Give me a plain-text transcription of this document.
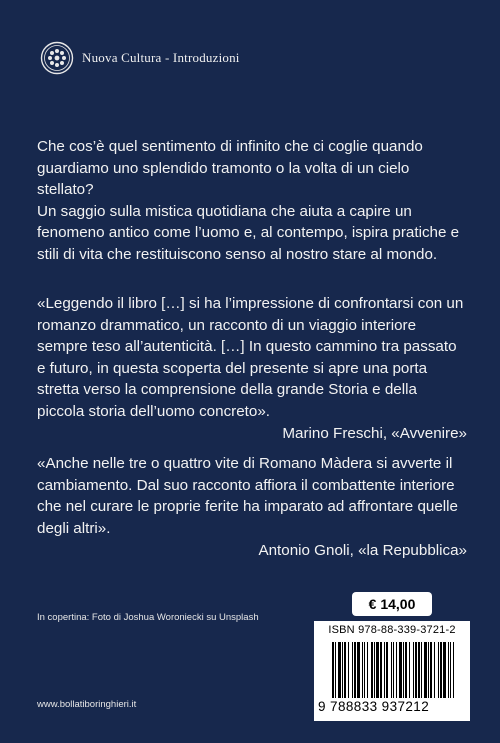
Nuova Cultura - Introduzioni

Che cos’è quel sentimento di infinito che ci coglie quando guardiamo uno splendido tramonto o la volta di un cielo stellato?

Un saggio sulla mistica quotidiana che aiuta a capire un fenomeno antico come l’uomo e, al contempo, ispira pratiche e stili di vita che restituiscono senso al nostro stare al mondo.

«Leggendo il libro […] si ha l’impressione di confrontarsi con un romanzo drammatico, un racconto di un viaggio interiore sempre teso all’autenticità. […] In questo cammino tra passato e futuro, in questa scoperta del presente si apre una porta stretta verso la comprensione della grande Storia e della piccola storia dell’uomo concreto».

Marino Freschi, «Avvenire»

«Anche nelle tre o quattro vite di Romano Màdera si avverte il cambiamento. Dal suo racconto affiora il combattente interiore che nel curare le proprie ferite ha imparato ad affrontare quelle degli altri».

Antonio Gnoli, «la Repubblica»

In copertina: Foto di Joshua Woroniecki su Unsplash
www.bollatiboringhieri.it
€ 14,00
ISBN 978-88-339-3721-2
9 788833 937212
